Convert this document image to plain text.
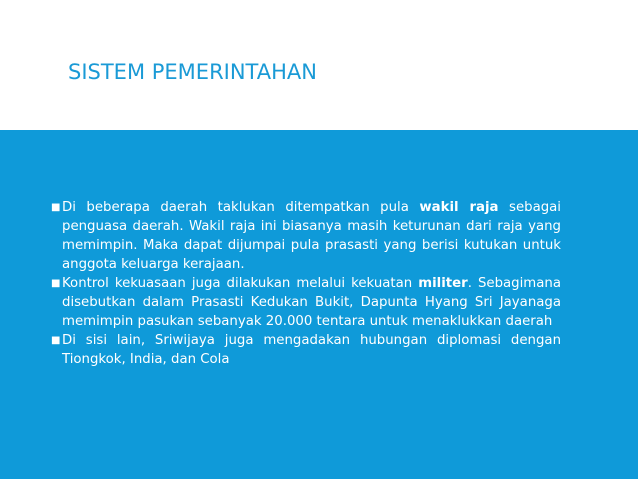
SISTEM PEMERINTAHAN
■ Di beberapa daerah taklukan ditempatkan pula wakil raja sebagai penguasa daerah. Wakil raja ini biasanya masih keturunan dari raja yang memimpin. Maka dapat dijumpai pula prasasti yang berisi kutukan untuk anggota keluarga kerajaan.
■ Kontrol kekuasaan juga dilakukan melalui kekuatan militer. Sebagimana disebutkan dalam Prasasti Kedukan Bukit, Dapunta Hyang Sri Jayanaga memimpin pasukan sebanyak 20.000 tentara untuk menaklukkan daerah
■ Di sisi lain, Sriwijaya juga mengadakan hubungan diplomasi dengan Tiongkok, India, dan Cola
